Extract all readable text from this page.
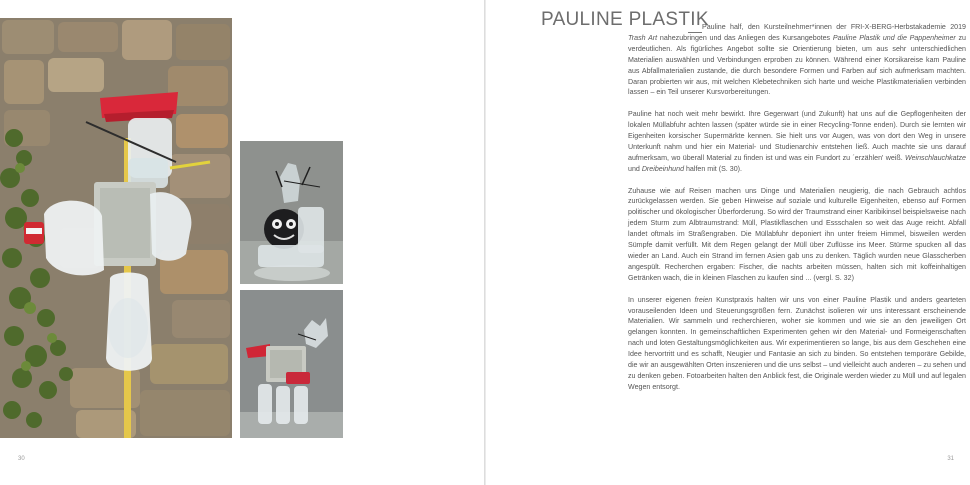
30	31
PAULINE PLASTIK

Pauline half, den Kursteilnehmer*innen der FRI-X-BERG-Herbstakademie 2019 Trash Art nahezubringen und das Anliegen des Kursangebotes Pauline Plastik und die Pappenheimer zu verdeutlichen. Als figürliches Angebot sollte sie Orientierung bieten, um aus sehr unterschiedlichen Materialien auswählen und Verbindungen erproben zu können. Während einer Korsikareise kam Pauline aus Abfallmaterialien zustande, die durch besondere Formen und Farben auf sich aufmerksam machten. Daran probierten wir aus, mit welchen Klebetechniken sich harte und weiche Plastikmaterialien verbinden lassen – ein Teil unserer Kursvorbereitungen.

Pauline hat noch weit mehr bewirkt. Ihre Gegenwart (und Zukunft) hat uns auf die Gepflogenheiten der lokalen Müllabfuhr achten lassen (später würde sie in einer Recycling-Tonne enden). Durch sie lernten wir Eigenheiten korsischer Supermärkte kennen. Sie hielt uns vor Augen, was von dort den Weg in unsere Unterkunft nahm und hier ein Material- und Studienarchiv entstehen ließ. Auch machte sie uns darauf aufmerksam, wo überall Material zu finden ist und was ein Fundort zu ´erzählen' weiß. Weinschlauchkatze und Dreibeinhund halfen mit (S. 30).

Zuhause wie auf Reisen machen uns Dinge und Materialien neugierig, die nach Gebrauch achtlos zurückgelassen werden. Sie geben Hinweise auf soziale und kulturelle Eigenheiten, ebenso auf Formen politischer und ökologischer Überforderung. So wird der Traumstrand einer Karibikinsel beispielsweise nach jedem Sturm zum Albtraumstrand: Müll, Plastikflaschen und Essschalen so weit das Auge reicht. Abfall landet oftmals im Straßengraben. Die Müllabfuhr deponiert ihn unter freiem Himmel, bisweilen werden Sümpfe damit verfüllt. Mit dem Regen gelangt der Müll über Zuflüsse ins Meer. Stürme spucken all das wieder an Land. Auch ein Strand im fernen Asien gab uns zu denken. Täglich wurden neue Glasscherben angespült. Recherchen ergaben: Fischer, die nachts arbeiten müssen, halten sich mit koffeinhaltigen Getränken wach, die in kleinen Flaschen zu kaufen sind ... (vergl. S. 32)

In unserer eigenen freien Kunstpraxis halten wir uns von einer Pauline Plastik und anders gearteten vorauseilenden Ideen und Steuerungsgrößen fern. Zunächst isolieren wir uns interessant erscheinende Materialien. Wir sammeln und recherchieren, woher sie kommen und wie sie an den jeweiligen Ort gelangen konnten. In gemeinschaftlichen Experimenten gehen wir den Material- und Formeigenschaften nach und loten Gestaltungsmöglichkeiten aus. Wir experimentieren so lange, bis aus dem Geschehen eine Idee hervortritt und es schafft, Neugier und Fantasie an sich zu binden. So entstehen temporäre Gebilde, die wir an ausgewählten Orten inszenieren und die uns selbst – und vielleicht auch anderen – zu sehen und zu denken geben. Fotoarbeiten halten den Anblick fest, die Originale werden wieder zu Müll und auf legalen Wegen entsorgt.
